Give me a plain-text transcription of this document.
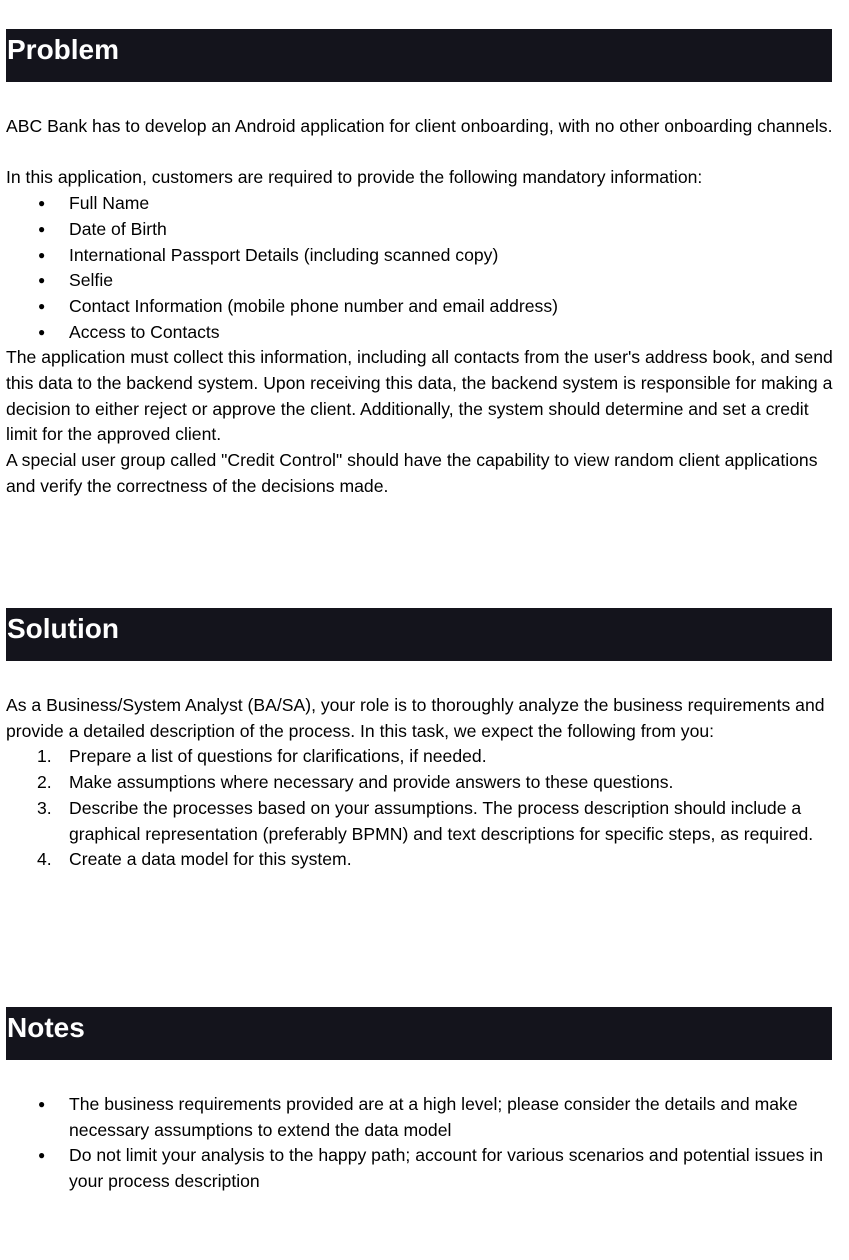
Problem

ABC Bank has to develop an Android application for client onboarding, with no other onboarding channels.

In this application, customers are required to provide the following mandatory information:

● Full Name
● Date of Birth
● International Passport Details (including scanned copy)
● Selfie
● Contact Information (mobile phone number and email address)
● Access to Contacts

The application must collect this information, including all contacts from the user's address book, and send this data to the backend system. Upon receiving this data, the backend system is responsible for making a decision to either reject or approve the client. Additionally, the system should determine and set a credit limit for the approved client.

A special user group called "Credit Control" should have the capability to view random client applications and verify the correctness of the decisions made.

Solution

As a Business/System Analyst (BA/SA), your role is to thoroughly analyze the business requirements and provide a detailed description of the process. In this task, we expect the following from you:

1. Prepare a list of questions for clarifications, if needed.
2. Make assumptions where necessary and provide answers to these questions.
3. Describe the processes based on your assumptions. The process description should include a graphical representation (preferably BPMN) and text descriptions for specific steps, as required.
4. Create a data model for this system.
Notes
● The business requirements provided are at a high level; please consider the details and make necessary assumptions to extend the data model
● Do not limit your analysis to the happy path; account for various scenarios and potential issues in your process description
